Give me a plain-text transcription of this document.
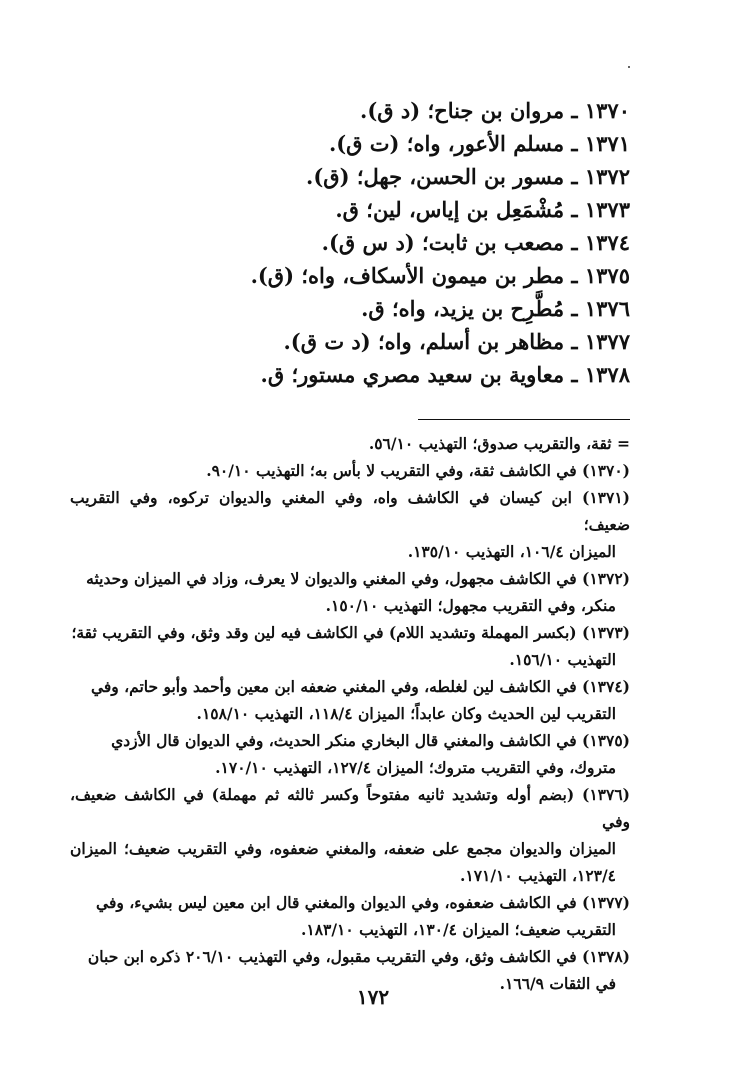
١٣٧٠ ـ مروان بن جناح؛ (د ق).
١٣٧١ ـ مسلم الأعور، واه؛ (ت ق).
١٣٧٢ ـ مسور بن الحسن، جهل؛ (ق).
١٣٧٣ ـ مُشْمَعِل بن إياس، لين؛ ق.
١٣٧٤ ـ مصعب بن ثابت؛ (د س ق).
١٣٧٥ ـ مطر بن ميمون الأسكاف، واه؛ (ق).
١٣٧٦ ـ مُطَّرِح بن يزيد، واه؛ ق.
١٣٧٧ ـ مظاهر بن أسلم، واه؛ (د ت ق).
١٣٧٨ ـ معاوية بن سعيد مصري مستور؛ ق.
= ثقة، والتقريب صدوق؛ التهذيب ٥٦/١٠.
(١٣٧٠) في الكاشف ثقة، وفي التقريب لا بأس به؛ التهذيب ٩٠/١٠.
(١٣٧١) ابن كيسان في الكاشف واه، وفي المغني والديوان تركوه، وفي التقريب ضعيف؛
الميزان ١٠٦/٤، التهذيب ١٣٥/١٠.
(١٣٧٢) في الكاشف مجهول، وفي المغني والديوان لا يعرف، وزاد في الميزان وحديثه
منكر، وفي التقريب مجهول؛ التهذيب ١٥٠/١٠.
(١٣٧٣) (بكسر المهملة وتشديد اللام) في الكاشف فيه لين وقد وثق، وفي التقريب ثقة؛
التهذيب ١٥٦/١٠.
(١٣٧٤) في الكاشف لين لغلطه، وفي المغني ضعفه ابن معين وأحمد وأبو حاتم، وفي
التقريب لين الحديث وكان عابداً؛ الميزان ١١٨/٤، التهذيب ١٥٨/١٠.
(١٣٧٥) في الكاشف والمغني قال البخاري منكر الحديث، وفي الديوان قال الأزدي
متروك، وفي التقريب متروك؛ الميزان ١٢٧/٤، التهذيب ١٧٠/١٠.
(١٣٧٦) (بضم أوله وتشديد ثانيه مفتوحاً وكسر ثالثه ثم مهملة) في الكاشف ضعيف، وفي
الميزان والديوان مجمع على ضعفه، والمغني ضعفوه، وفي التقريب ضعيف؛ الميزان ١٢٣/٤، التهذيب ١٧١/١٠.
(١٣٧٧) في الكاشف ضعفوه، وفي الديوان والمغني قال ابن معين ليس بشيء، وفي
التقريب ضعيف؛ الميزان ١٣٠/٤، التهذيب ١٨٣/١٠.
(١٣٧٨) في الكاشف وثق، وفي التقريب مقبول، وفي التهذيب ٢٠٦/١٠ ذكره ابن حبان
في الثقات ١٦٦/٩.
١٧٢
